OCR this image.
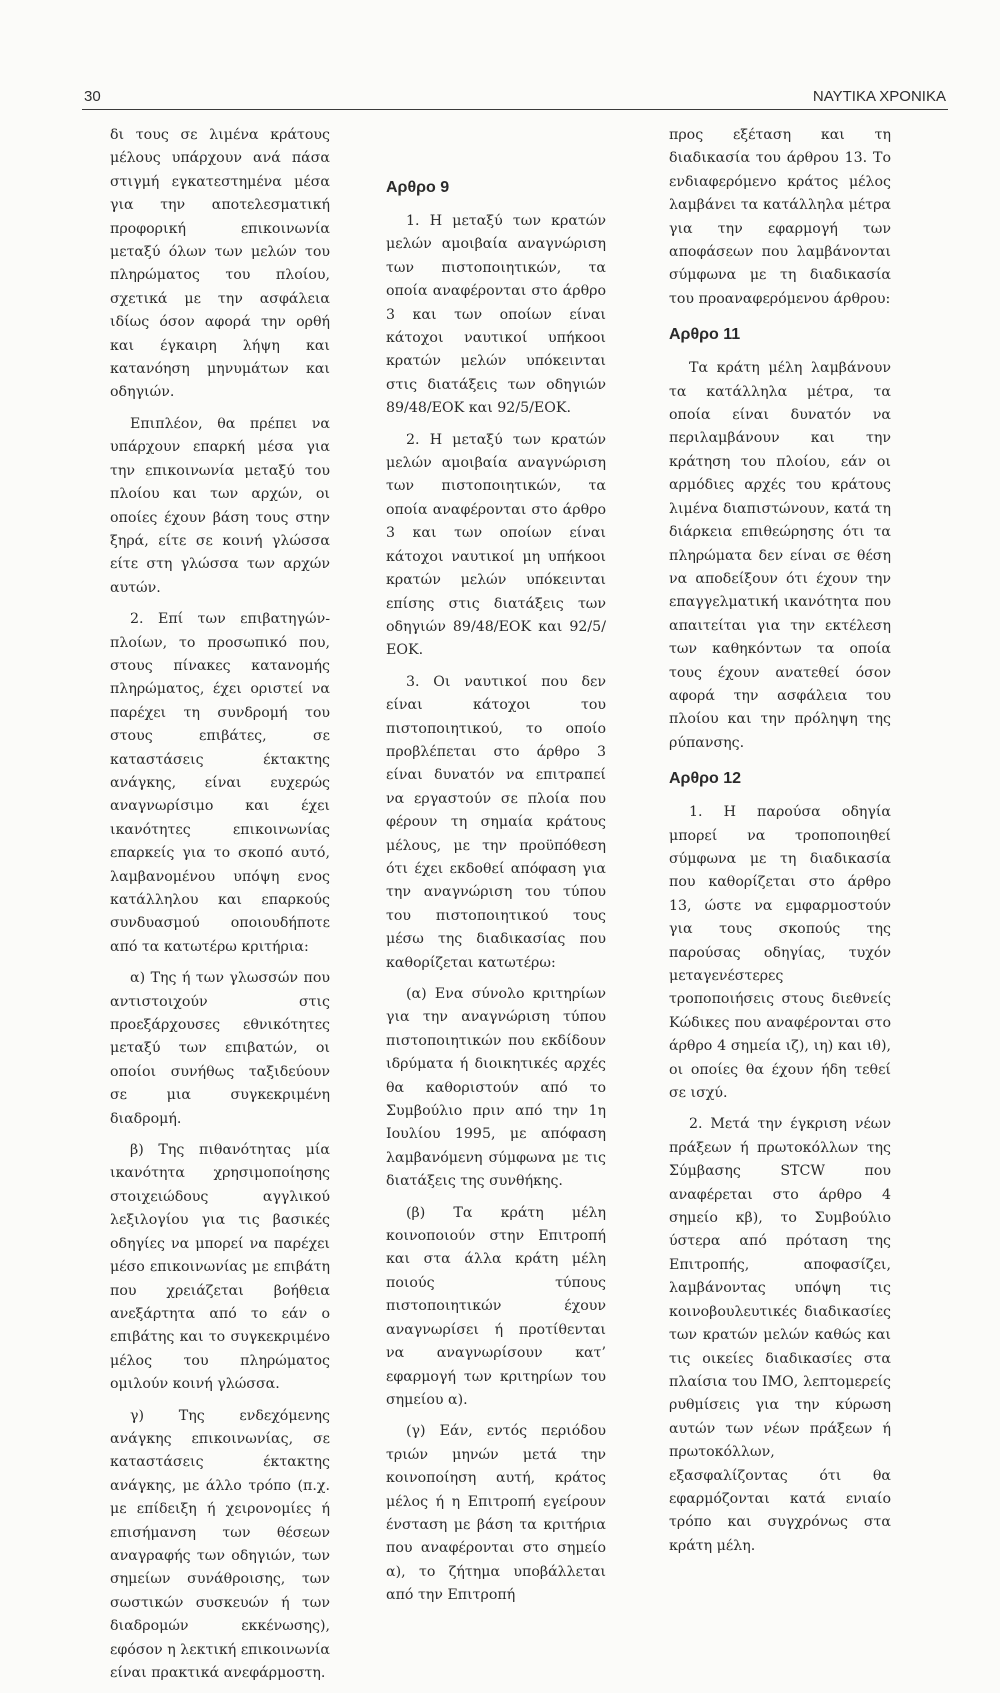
30	ΝΑΥΤΙΚΑ ΧΡΟΝΙΚΑ

δι τους σε λιμένα κράτους μέλους υπάρχουν ανά πάσα στιγμή εγκατεστημένα μέσα για την αποτελεσματική προφορική επικοινωνία μεταξύ όλων των μελών του πληρώματος του πλοίου, σχετικά με την ασφάλεια ιδίως όσον αφορά την ορθή και έγκαιρη λήψη και κατανόηση μηνυμάτων και οδηγιών.

Επιπλέον, θα πρέπει να υπάρχουν επαρκή μέσα για την επικοινωνία μεταξύ του πλοίου και των αρχών, οι οποίες έχουν βάση τους στην ξηρά, είτε σε κοινή γλώσσα είτε στη γλώσσα των αρχών αυτών.

2. Επί των επιβατηγών-πλοίων, το προσωπικό που, στους πίνακες κατανομής πληρώματος, έχει οριστεί να παρέχει τη συνδρομή του στους επιβάτες, σε καταστάσεις έκτακτης ανάγκης, είναι ευχερώς αναγνωρίσιμο και έχει ικανότητες επικοινωνίας επαρκείς για το σκοπό αυτό, λαμβανομένου υπόψη ενος κατάλληλου και επαρκούς συνδυασμού οποιουδήποτε από τα κατωτέρω κριτήρια:

α) Της ή των γλωσσών που αντιστοιχούν στις προεξάρχουσες εθνικότητες μεταξύ των επιβατών, οι οποίοι συνήθως ταξιδεύουν σε μια συγκεκριμένη διαδρομή.

β) Της πιθανότητας μία ικανότητα χρησιμοποίησης στοιχειώδους αγγλικού λεξιλογίου για τις βασικές οδηγίες να μπορεί να παρέχει μέσο επικοινωνίας με επιβάτη που χρειάζεται βοήθεια ανεξάρτητα από το εάν ο επιβάτης και το συγκεκριμένο μέλος του πληρώματος ομιλούν κοινή γλώσσα.

γ) Της ενδεχόμενης ανάγκης επικοινωνίας, σε καταστάσεις έκτακτης ανάγκης, με άλλο τρόπο (π.χ. με επίδειξη ή χειρονομίες ή επισήμανση των θέσεων αναγραφής των οδηγιών, των σημείων συνάθροισης, των σωστικών συσκευών ή των διαδρομών εκκένωσης), εφόσον η λεκτική επικοινωνία είναι πρακτικά ανεφάρμοστη.

Αρθρο 9

1. Η μεταξύ των κρατών μελών αμοιβαία αναγνώριση των πιστοποιητικών, τα οποία αναφέρονται στο άρθρο 3 και των οποίων είναι κάτοχοι ναυτικοί υπήκοοι κρατών μελών υπόκεινται στις διατάξεις των οδηγιών 89/48/ΕΟΚ και 92/5/ΕΟΚ.

2. Η μεταξύ των κρατών μελών αμοιβαία αναγνώριση των πιστοποιητικών, τα οποία αναφέρονται στο άρθρο 3 και των οποίων είναι κάτοχοι ναυτικοί μη υπήκοοι κρατών μελών υπόκεινται επίσης στις διατάξεις των οδηγιών 89/48/ΕΟΚ και 92/5/ΕΟΚ.

3. Οι ναυτικοί που δεν είναι κάτοχοι του πιστοποιητικού, το οποίο προβλέπεται στο άρθρο 3 είναι δυνατόν να επιτραπεί να εργαστούν σε πλοία που φέρουν τη σημαία κράτους μέλους, με την προϋπόθεση ότι έχει εκδοθεί απόφαση για την αναγνώριση του τύπου του πιστοποιητικού τους μέσω της διαδικασίας που καθορίζεται κατωτέρω:

(α) Ενα σύνολο κριτηρίων για την αναγνώριση τύπου πιστοποιητικών που εκδίδουν ιδρύματα ή διοικητικές αρχές θα καθοριστούν από το Συμβούλιο πριν από την 1η Ιουλίου 1995, με απόφαση λαμβανόμενη σύμφωνα με τις διατάξεις της συνθήκης.

(β) Τα κράτη μέλη κοινοποιούν στην Επιτροπή και στα άλλα κράτη μέλη ποιούς τύπους πιστοποιητικών έχουν αναγνωρίσει ή προτίθενται να αναγνωρίσουν κατ’ εφαρμογή των κριτηρίων του σημείου α).

(γ) Εάν, εντός περιόδου τριών μηνών μετά την κοινοποίηση αυτή, κράτος μέλος ή η Επιτροπή εγείρουν ένσταση με βάση τα κριτήρια που αναφέρονται στο σημείο α), το ζήτημα υποβάλλεται από την Επιτροπή

προς εξέταση και τη διαδικασία του άρθρου 13. Το ενδιαφερόμενο κράτος μέλος λαμβάνει τα κατάλληλα μέτρα για την εφαρμογή των αποφάσεων που λαμβάνονται σύμφωνα με τη διαδικασία του προαναφερόμενου άρθρου:

Αρθρο 11

Τα κράτη μέλη λαμβάνουν τα κατάλληλα μέτρα, τα οποία είναι δυνατόν να περιλαμβάνουν και την κράτηση του πλοίου, εάν οι αρμόδιες αρχές του κράτους λιμένα διαπιστώνουν, κατά τη διάρκεια επιθεώρησης ότι τα πληρώματα δεν είναι σε θέση να αποδείξουν ότι έχουν την επαγγελματική ικανότητα που απαιτείται για την εκτέλεση των καθηκόντων τα οποία τους έχουν ανατεθεί όσον αφορά την ασφάλεια του πλοίου και την πρόληψη της ρύπανσης.

Αρθρο 12

1. Η παρούσα οδηγία μπορεί να τροποποιηθεί σύμφωνα με τη διαδικασία που καθορίζεται στο άρθρο 13, ώστε να εμφαρμοστούν για τους σκοπούς της παρούσας οδηγίας, τυχόν μεταγενέστερες τροποποιήσεις στους διεθνείς Κώδικες που αναφέρονται στο άρθρο 4 σημεία ιζ), ιη) και ιθ), οι οποίες θα έχουν ήδη τεθεί σε ισχύ.

2. Μετά την έγκριση νέων πράξεων ή πρωτοκόλλων της Σύμβασης STCW που αναφέρεται στο άρθρο 4 σημείο κβ), το Συμβούλιο ύστερα από πρόταση της Επιτροπής, αποφασίζει, λαμβάνοντας υπόψη τις κοινοβουλευτικές διαδικασίες των κρατών μελών καθώς και τις οικείες διαδικασίες στα πλαίσια του ΙΜΟ, λεπτομερείς ρυθμίσεις για την κύρωση αυτών των νέων πράξεων ή πρωτοκόλλων, εξασφαλίζοντας ότι θα εφαρμόζονται κατά ενιαίο τρόπο και συγχρόνως στα κράτη μέλη.
